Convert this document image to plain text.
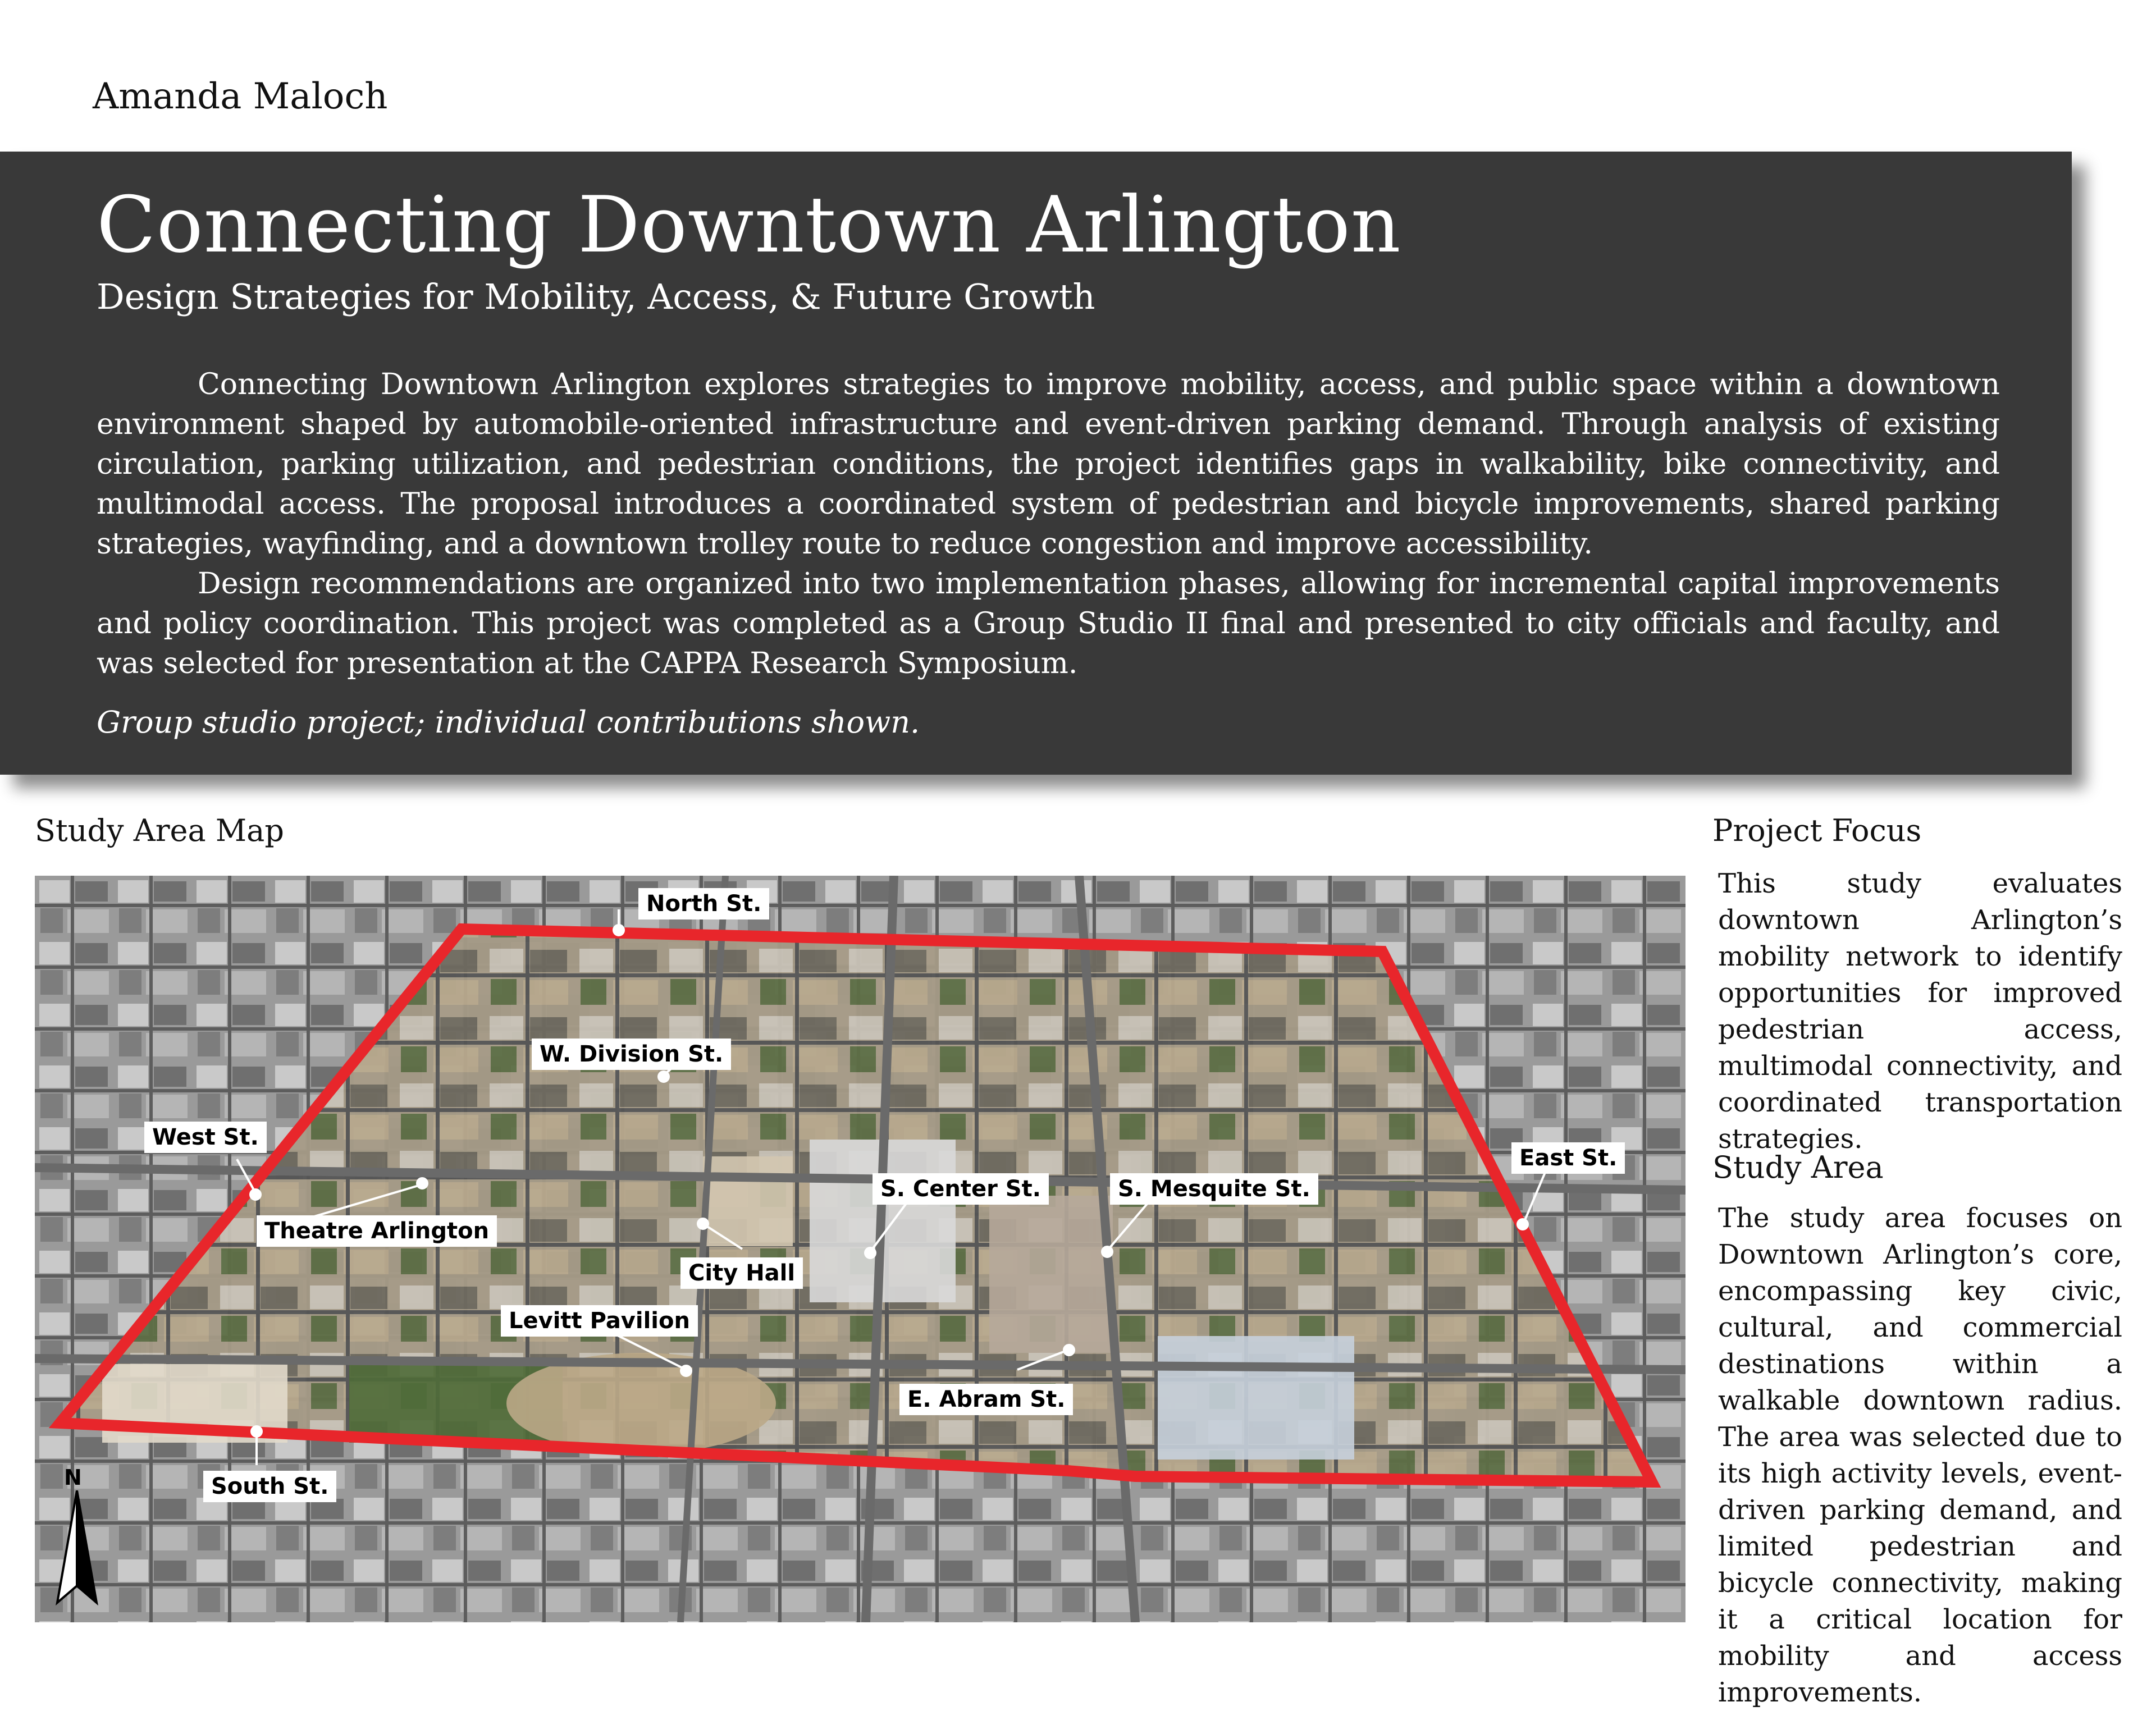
Amanda Maloch
Connecting Downtown Arlington
Design Strategies for Mobility, Access, & Future Growth

Connecting Downtown Arlington explores strategies to improve mobility, access, and public space within a downtown environment shaped by automobile-oriented infrastructure and event-driven parking demand. Through analysis of existing circulation, parking utilization, and pedestrian conditions, the project identifies gaps in walkability, bike connectivity, and multimodal access. The proposal introduces a coordinated system of pedestrian and bicycle improvements, shared parking strategies, wayfinding, and a downtown trolley route to reduce congestion and improve accessibility.

Design recommendations are organized into two implementation phases, allowing for incremental capital improvements and policy coordination. This project was completed as a Group Studio II final and presented to city officials and faculty, and was selected for presentation at the CAPPA Research Symposium.

Group studio project; individual contributions shown.
Study Area Map
North St.
W. Division St.
West St.
Theatre Arlington
City Hall
Levitt Pavilion
S. Center St.	S. Mesquite St.
East St.
E. Abram St.
South St.
N
Project Focus

This study evaluates downtown Arlington’s mobility network to identify opportunities for improved pedestrian access, multimodal connectivity, and coordinated transportation strategies.

Study Area

The study area focuses on Downtown Arlington’s core, encompassing key civic, cultural, and commercial destinations within a walkable downtown radius. The area was selected due to its high activity levels, event-driven parking demand, and limited pedestrian and bicycle connectivity, making it a critical location for mobility and access improvements.
